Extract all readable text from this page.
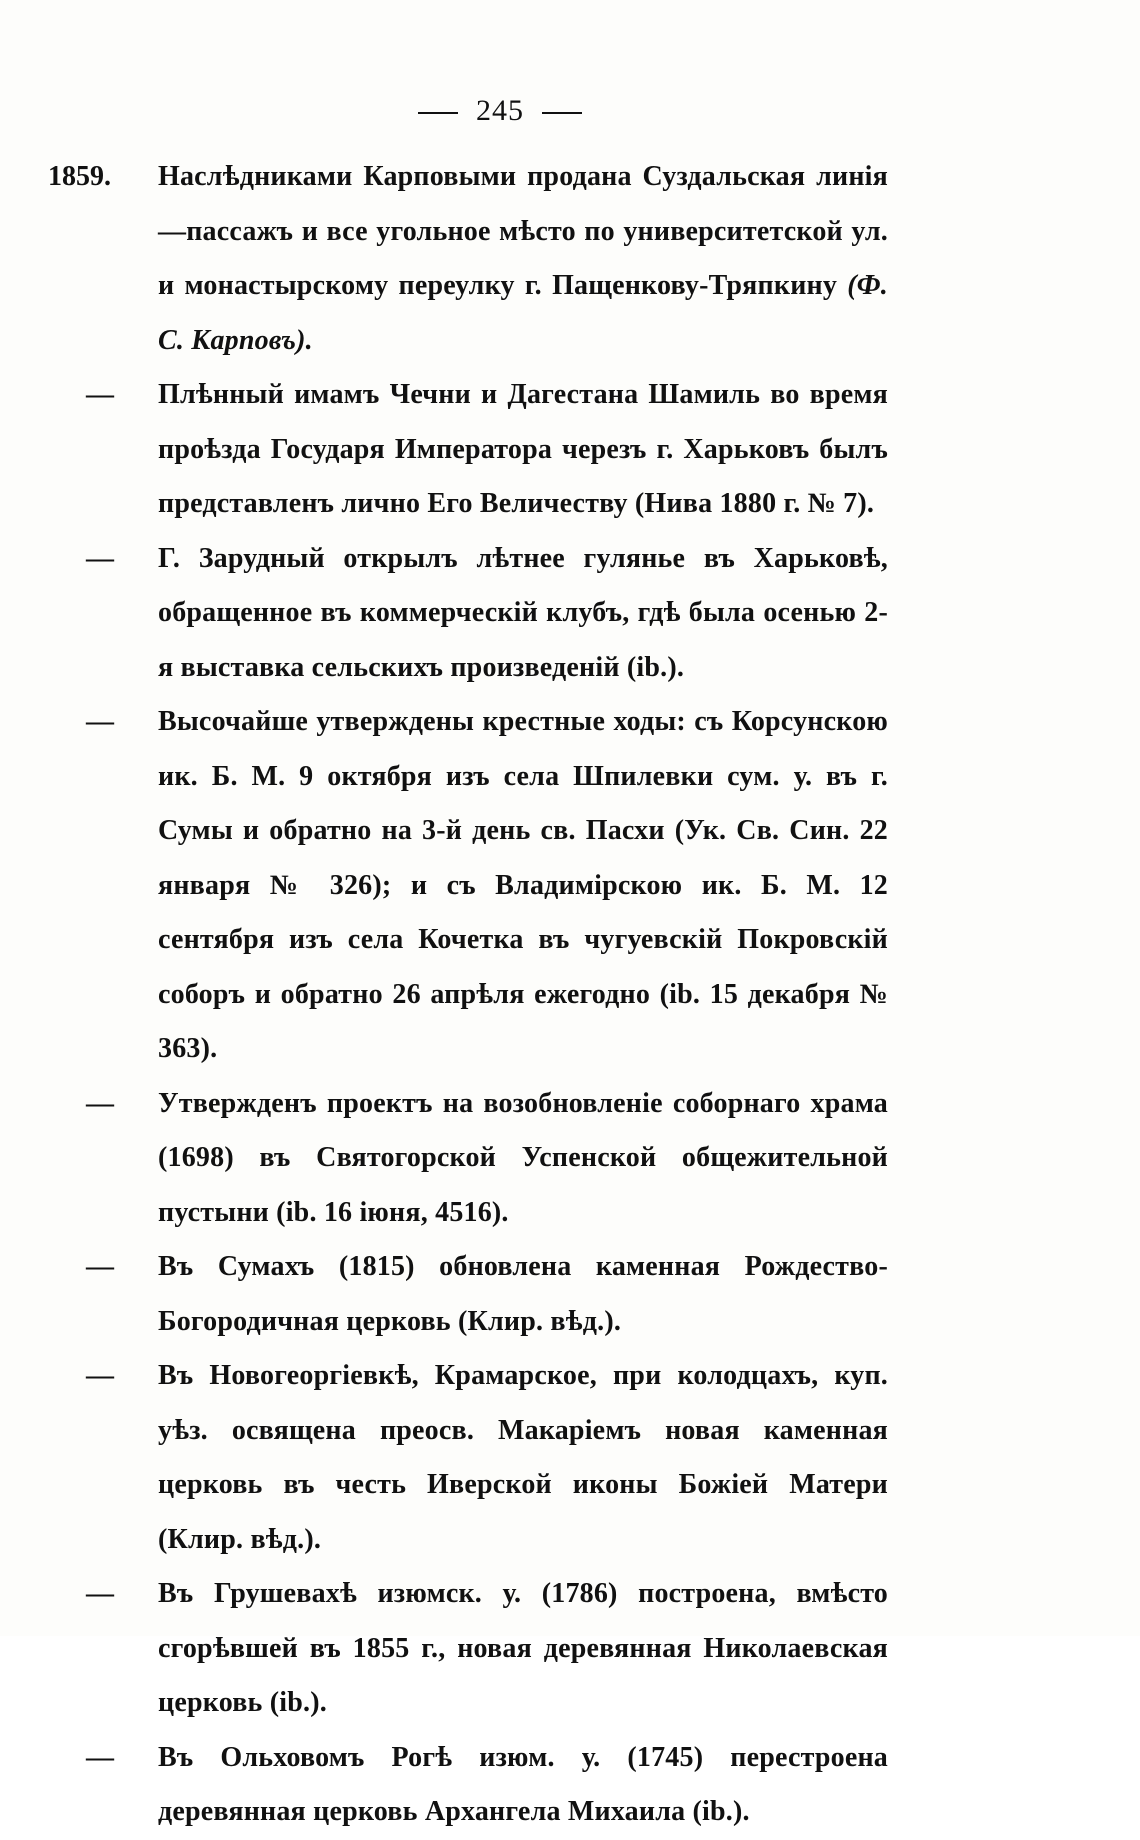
245
1859.	Наслѣдниками Карповыми продана Суздальская линія—пассажъ и все угольное мѣсто по университетской ул. и монастырскому переулку г. Пащенкову-Тряпкину (Ф. С. Карповъ).
—	Плѣнный имамъ Чечни и Дагестана Шамиль во время проѣзда Государя Императора черезъ г. Харьковъ былъ представленъ лично Его Величеству (Нива 1880 г. № 7).
—	Г. Зарудный открылъ лѣтнее гулянье въ Харьковѣ, обращенное въ коммерческій клубъ, гдѣ была осенью 2-я выставка сельскихъ произведеній (ib.).
—	Высочайше утверждены крестные ходы: съ Корсунскою ик. Б. М. 9 октября изъ села Шпилевки сум. у. въ г. Сумы и обратно на 3-й день св. Пасхи (Ук. Св. Син. 22 января № 326); и съ Владимірскою ик. Б. М. 12 сентября изъ села Кочетка въ чугуевскій Покровскій соборъ и обратно 26 апрѣля ежегодно (ib. 15 декабря № 363).
—	Утвержденъ проектъ на возобновленіе соборнаго храма (1698) въ Святогорской Успенской общежительной пустыни (ib. 16 іюня, 4516).
—	Въ Сумахъ (1815) обновлена каменная Рождество-Богородичная церковь (Клир. вѣд.).
—	Въ Новогеоргіевкѣ, Крамарское, при колодцахъ, куп. уѣз. освящена преосв. Макаріемъ новая каменная церковь въ честь Иверской иконы Божіей Матери (Клир. вѣд.).
—	Въ Грушевахѣ изюмск. у. (1786) построена, вмѣсто сгорѣвшей въ 1855 г., новая деревянная Николаевская церковь (ib.).
—	Въ Ольховомъ Рогѣ изюм. у. (1745) перестроена деревянная церковь Архангела Михаила (ib.).
